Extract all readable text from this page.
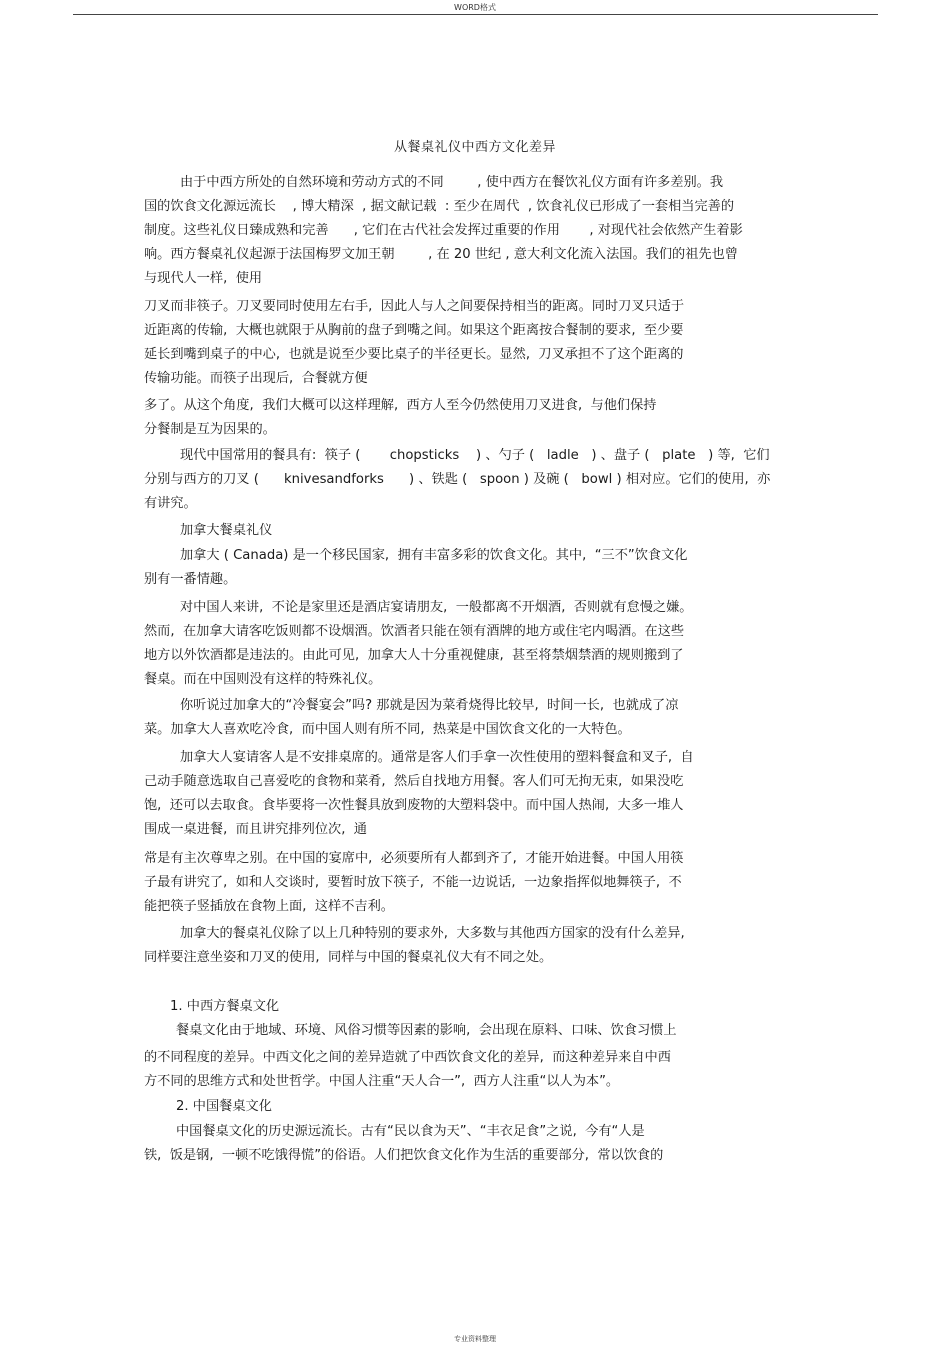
WORD格式
从餐桌礼仪中西方文化差异
由于中西方所处的自然环境和劳动方式的不同        , 使中西方在餐饮礼仪方面有许多差别。我
国的饮食文化源远流长    , 博大精深  , 据文献记载  : 至少在周代  , 饮食礼仪已形成了一套相当完善的
制度。这些礼仪日臻成熟和完善      , 它们在古代社会发挥过重要的作用       , 对现代社会依然产生着影
响。西方餐桌礼仪起源于法国梅罗文加王朝        , 在 20 世纪 , 意大利文化流入法国。我们的祖先也曾
与现代人一样,  使用
刀叉而非筷子。刀叉要同时使用左右手,  因此人与人之间要保持相当的距离。同时刀叉只适于
近距离的传输,  大概也就限于从胸前的盘子到嘴之间。如果这个距离按合餐制的要求,  至少要
延长到嘴到桌子的中心,  也就是说至少要比桌子的半径更长。显然,  刀叉承担不了这个距离的
传输功能。而筷子出现后,  合餐就方便
多了。从这个角度,  我们大概可以这样理解,  西方人至今仍然使用刀叉进食,  与他们保持
分餐制是互为因果的。
现代中国常用的餐具有:  筷子 (       chopsticks    ) 、勺子 (   ladle   ) 、盘子 (   plate   ) 等,  它们
分别与西方的刀叉 (      knivesandforks      ) 、铁匙 (   spoon ) 及碗 (   bowl ) 相对应。它们的使用,  亦
有讲究。
加拿大餐桌礼仪
加拿大 ( Canada) 是一个移民国家,  拥有丰富多彩的饮食文化。其中,  “三不”饮食文化
别有一番情趣。
对中国人来讲,  不论是家里还是酒店宴请朋友,  一般都离不开烟酒,  否则就有怠慢之嫌。
然而,  在加拿大请客吃饭则都不设烟酒。饮酒者只能在领有酒牌的地方或住宅内喝酒。在这些
地方以外饮酒都是违法的。由此可见,  加拿大人十分重视健康,  甚至将禁烟禁酒的规则搬到了
餐桌。而在中国则没有这样的特殊礼仪。
你听说过加拿大的“冷餐宴会”吗? 那就是因为菜肴烧得比较早,  时间一长,  也就成了凉
菜。加拿大人喜欢吃冷食,  而中国人则有所不同,  热菜是中国饮食文化的一大特色。
加拿大人宴请客人是不安排桌席的。通常是客人们手拿一次性使用的塑料餐盒和叉子,  自
己动手随意选取自己喜爱吃的食物和菜肴,  然后自找地方用餐。客人们可无拘无束,  如果没吃
饱,  还可以去取食。食毕要将一次性餐具放到废物的大塑料袋中。而中国人热闹,  大多一堆人
围成一桌进餐,  而且讲究排列位次,  通
常是有主次尊卑之别。在中国的宴席中,  必须要所有人都到齐了,  才能开始进餐。中国人用筷
子最有讲究了,  如和人交谈时,  要暂时放下筷子,  不能一边说话,  一边象指挥似地舞筷子,  不
能把筷子竖插放在食物上面,  这样不吉利。
加拿大的餐桌礼仪除了以上几种特别的要求外,  大多数与其他西方国家的没有什么差异,
同样要注意坐姿和刀叉的使用,  同样与中国的餐桌礼仪大有不同之处。
1. 中西方餐桌文化
餐桌文化由于地域、环境、风俗习惯等因素的影响,  会出现在原料、口味、饮食习惯上
的不同程度的差异。中西文化之间的差异造就了中西饮食文化的差异,  而这种差异来自中西
方不同的思维方式和处世哲学。中国人注重“天人合一”,  西方人注重“以人为本”。
2. 中国餐桌文化
中国餐桌文化的历史源远流长。古有“民以食为天”、“丰衣足食”之说,  今有“人是
铁,  饭是钢,  一顿不吃饿得慌”的俗语。人们把饮食文化作为生活的重要部分,  常以饮食的
专业资料整理
